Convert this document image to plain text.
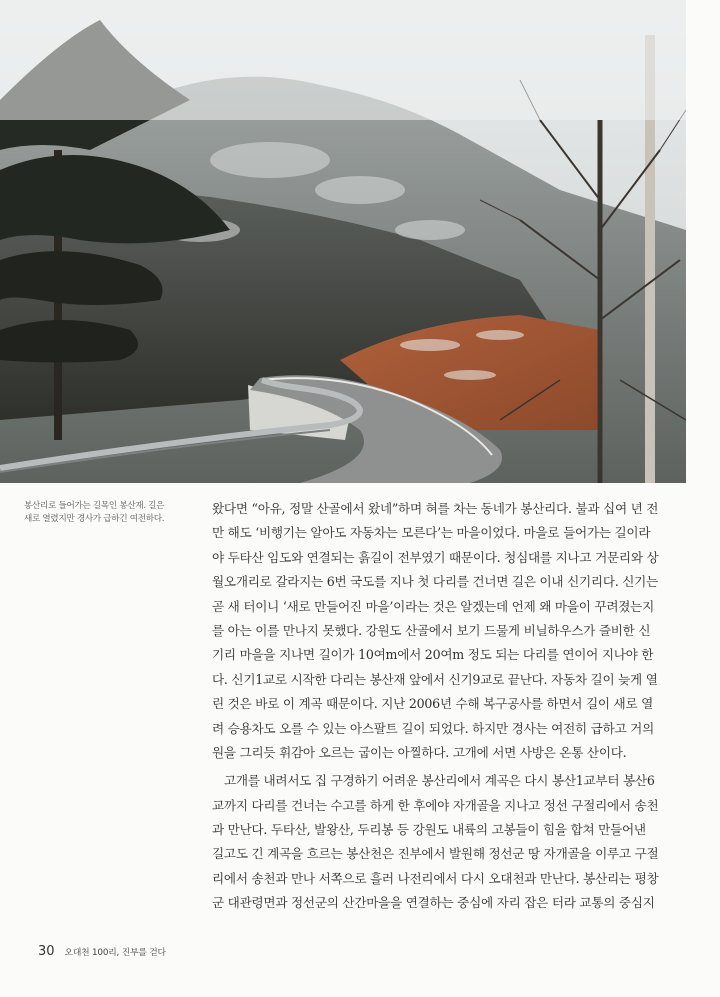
봉산리로 들어가는 길목인 봉산재. 길은
새로 열렸지만 경사가 급하긴 여전하다.
왔다면 “아유, 정말 산골에서 왔네”하며 혀를 차는 동네가 봉산리다. 불과 십여 년 전
만 해도 ‘비행기는 알아도 자동차는 모른다’는 마을이었다. 마을로 들어가는 길이라
야 두타산 임도와 연결되는 흙길이 전부였기 때문이다. 청심대를 지나고 거문리와 상
월오개리로 갈라지는 6번 국도를 지나 첫 다리를 건너면 길은 이내 신기리다. 신기는
곧 새 터이니 ‘새로 만들어진 마을’이라는 것은 알겠는데 언제 왜 마을이 꾸려졌는지
를 아는 이를 만나지 못했다. 강원도 산골에서 보기 드물게 비닐하우스가 즐비한 신
기리 마을을 지나면 길이가 10여m에서 20여m 정도 되는 다리를 연이어 지나야 한
다. 신기1교로 시작한 다리는 봉산재 앞에서 신기9교로 끝난다. 자동차 길이 늦게 열
린 것은 바로 이 계곡 때문이다. 지난 2006년 수해 복구공사를 하면서 길이 새로 열
려 승용차도 오를 수 있는 아스팔트 길이 되었다. 하지만 경사는 여전히 급하고 거의
원을 그리듯 휘감아 오르는 굽이는 아찔하다. 고개에 서면 사방은 온통 산이다.
고개를 내려서도 집 구경하기 어려운 봉산리에서 계곡은 다시 봉산1교부터 봉산6
교까지 다리를 건너는 수고를 하게 한 후에야 자개골을 지나고 정선 구절리에서 송천
과 만난다. 두타산, 발왕산, 두리봉 등 강원도 내륙의 고봉들이 힘을 합쳐 만들어낸
길고도 긴 계곡을 흐르는 봉산천은 진부에서 발원해 정선군 땅 자개골을 이루고 구절
리에서 송천과 만나 서쪽으로 흘러 나전리에서 다시 오대천과 만난다. 봉산리는 평창
군 대관령면과 정선군의 산간마을을 연결하는 중심에 자리 잡은 터라 교통의 중심지
30 오대천 100리, 진부를 걷다
